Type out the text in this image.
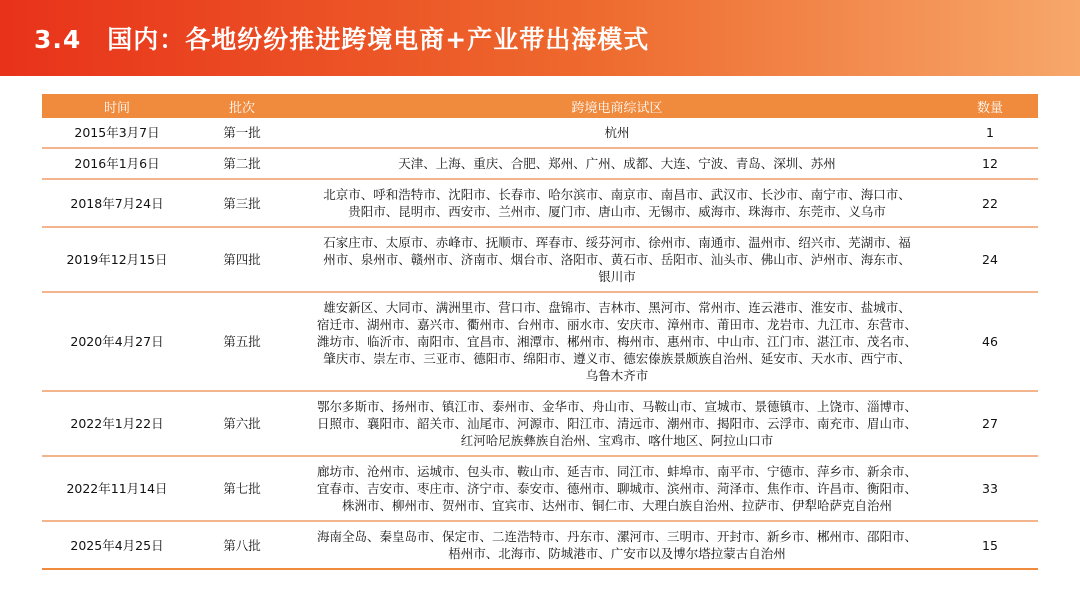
3.4　国内：各地纷纷推进跨境电商+产业带出海模式
时间	批次	跨境电商综试区	数量
2015年3月7日	第一批	杭州	1
2016年1月6日	第二批	天津、上海、重庆、合肥、郑州、广州、成都、大连、宁波、青岛、深圳、苏州	12
2018年7月24日	第三批	北京市、呼和浩特市、沈阳市、长春市、哈尔滨市、南京市、南昌市、武汉市、长沙市、南宁市、海口市、
贵阳市、昆明市、西安市、兰州市、厦门市、唐山市、无锡市、威海市、珠海市、东莞市、义乌市	22
2019年12月15日	第四批	石家庄市、太原市、赤峰市、抚顺市、珲春市、绥芬河市、徐州市、南通市、温州市、绍兴市、芜湖市、福
州市、泉州市、赣州市、济南市、烟台市、洛阳市、黄石市、岳阳市、汕头市、佛山市、泸州市、海东市、
银川市	24
2020年4月27日	第五批	雄安新区、大同市、满洲里市、营口市、盘锦市、吉林市、黑河市、常州市、连云港市、淮安市、盐城市、
宿迁市、湖州市、嘉兴市、衢州市、台州市、丽水市、安庆市、漳州市、莆田市、龙岩市、九江市、东营市、
潍坊市、临沂市、南阳市、宜昌市、湘潭市、郴州市、梅州市、惠州市、中山市、江门市、湛江市、茂名市、
肇庆市、崇左市、三亚市、德阳市、绵阳市、遵义市、德宏傣族景颇族自治州、延安市、天水市、西宁市、
乌鲁木齐市	46
2022年1月22日	第六批	鄂尔多斯市、扬州市、镇江市、泰州市、金华市、舟山市、马鞍山市、宣城市、景德镇市、上饶市、淄博市、
日照市、襄阳市、韶关市、汕尾市、河源市、阳江市、清远市、潮州市、揭阳市、云浮市、南充市、眉山市、
红河哈尼族彝族自治州、宝鸡市、喀什地区、阿拉山口市	27
2022年11月14日	第七批	廊坊市、沧州市、运城市、包头市、鞍山市、延吉市、同江市、蚌埠市、南平市、宁德市、萍乡市、新余市、
宜春市、吉安市、枣庄市、济宁市、泰安市、德州市、聊城市、滨州市、菏泽市、焦作市、许昌市、衡阳市、
株洲市、柳州市、贺州市、宜宾市、达州市、铜仁市、大理白族自治州、拉萨市、伊犁哈萨克自治州	33
2025年4月25日	第八批	海南全岛、秦皇岛市、保定市、二连浩特市、丹东市、漯河市、三明市、开封市、新乡市、郴州市、邵阳市、
梧州市、北海市、防城港市、广安市以及博尔塔拉蒙古自治州	15
